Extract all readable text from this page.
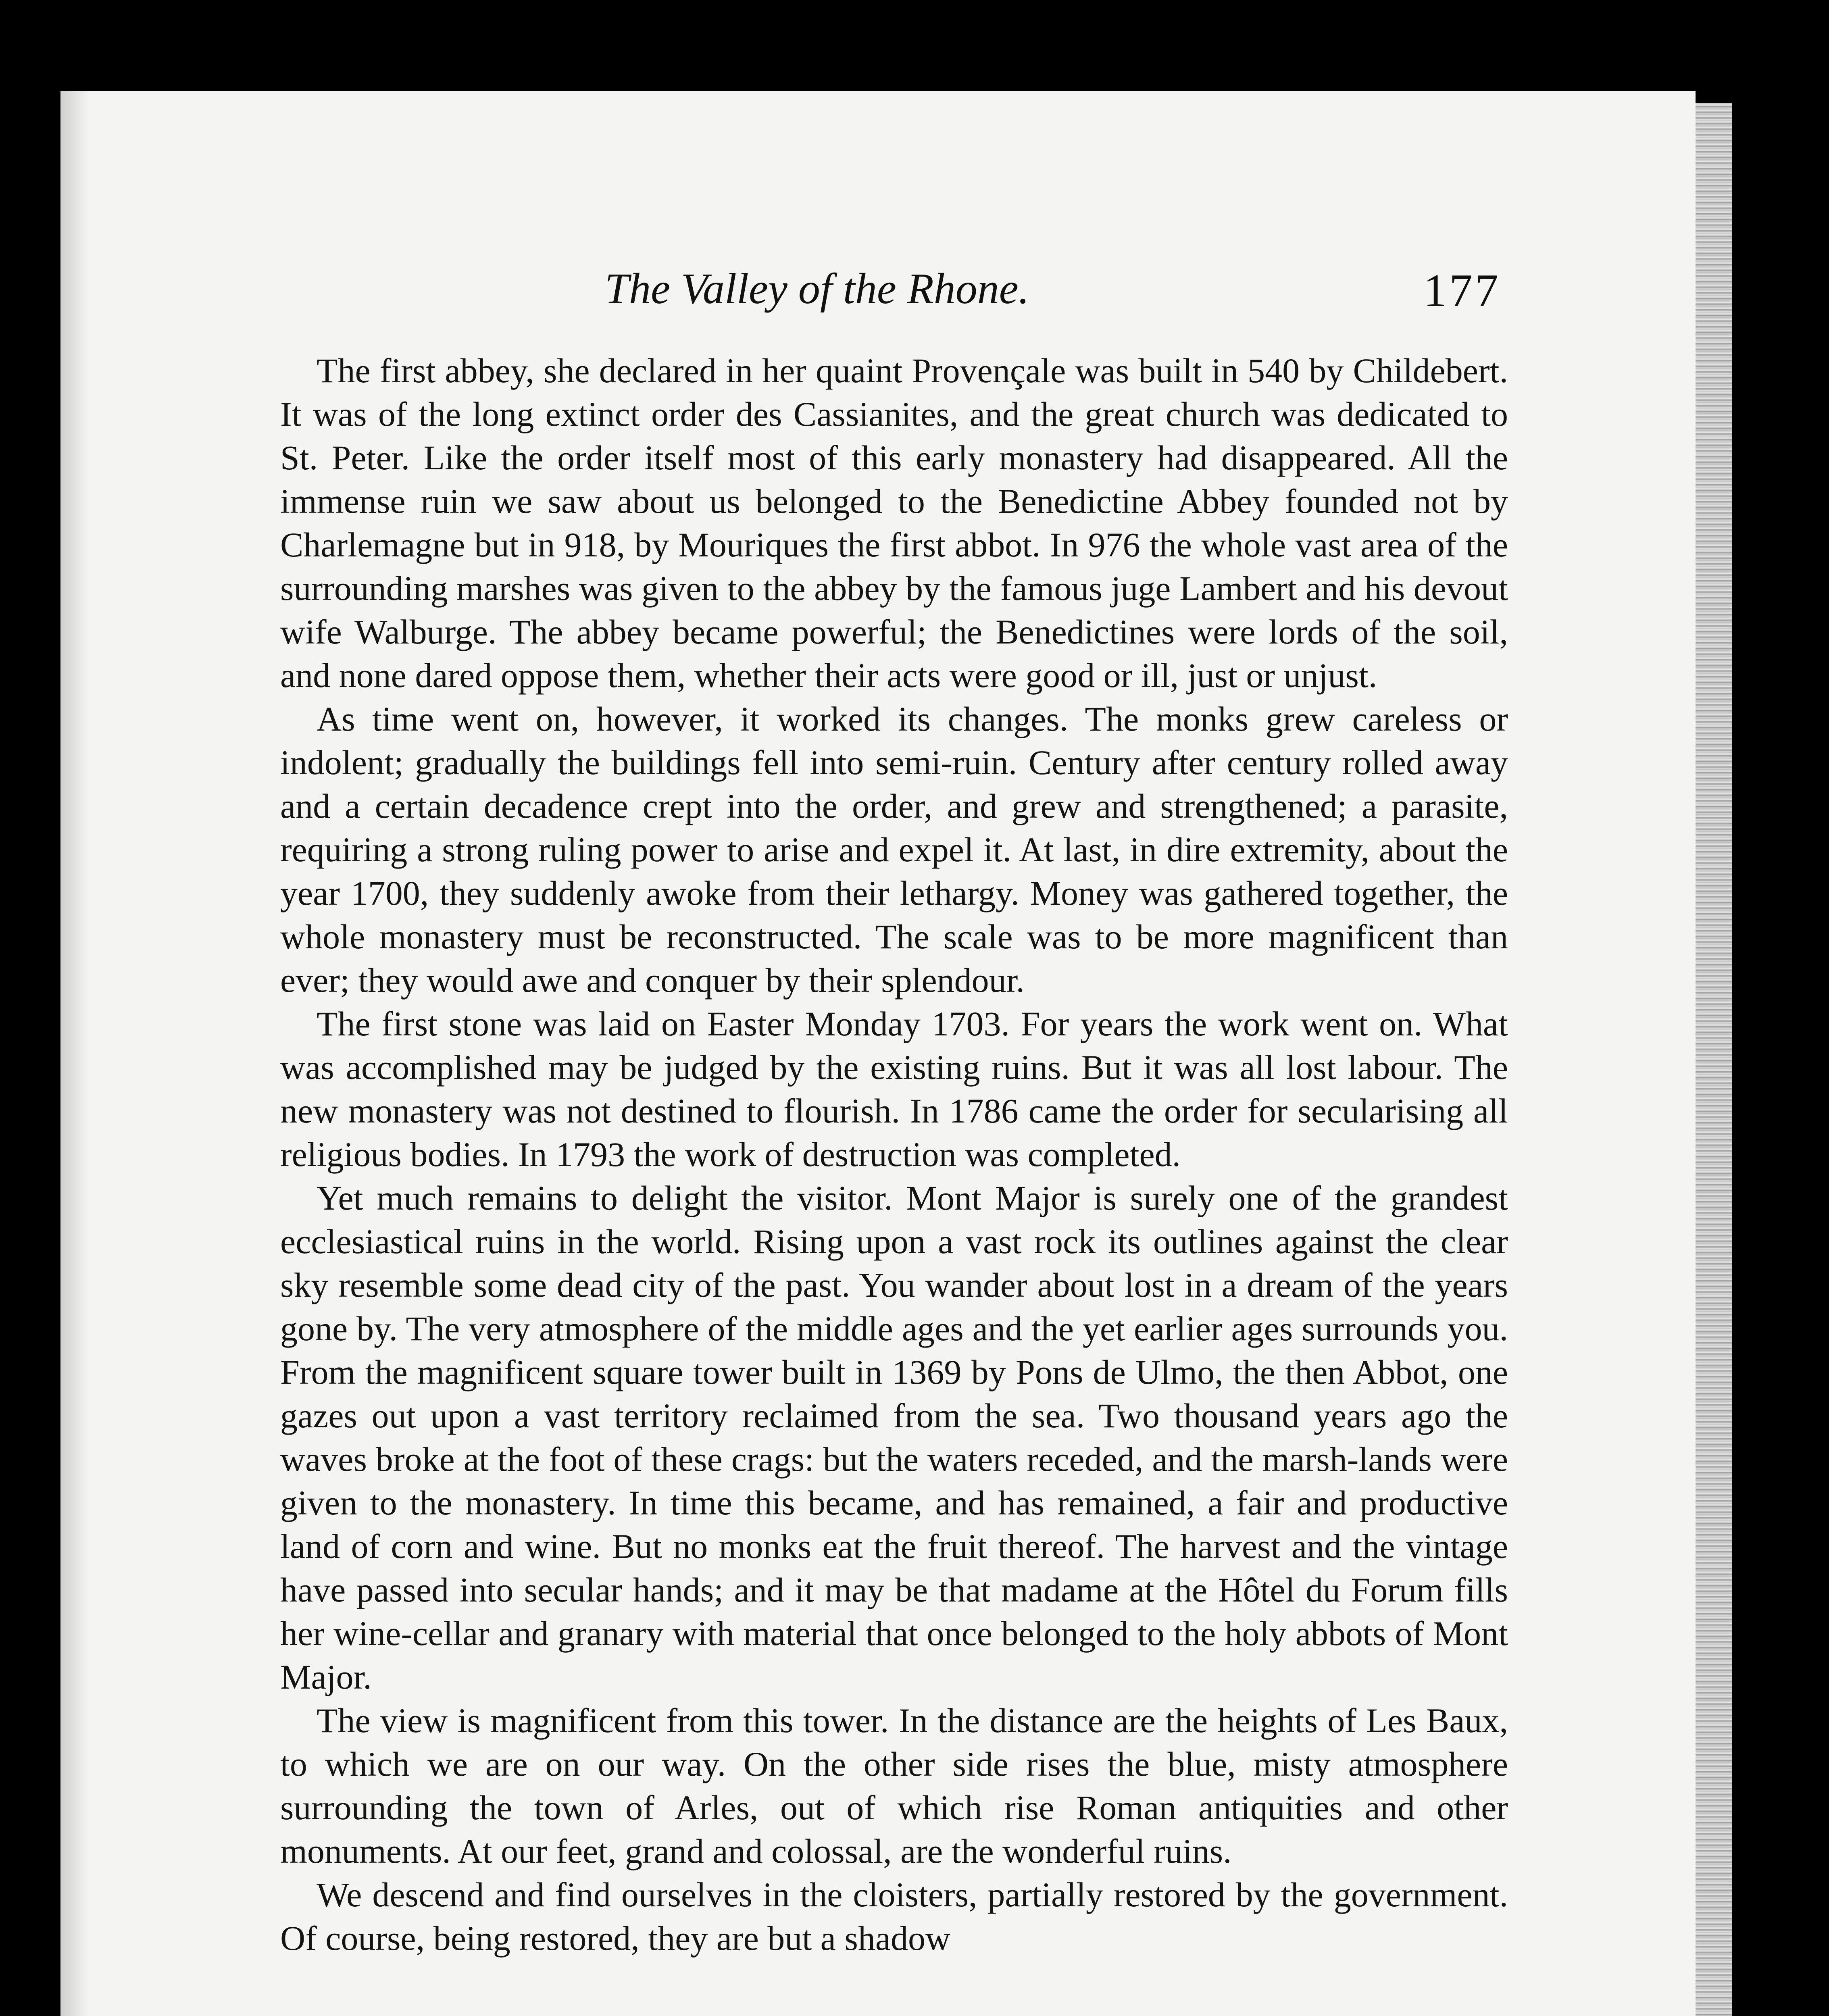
The Valley of the Rhone.	177

The first abbey, she declared in her quaint Provençale was built in 540 by Childebert. It was of the long extinct order des Cassianites, and the great church was dedicated to St. Peter. Like the order itself most of this early monastery had disappeared. All the immense ruin we saw about us belonged to the Benedictine Abbey founded not by Charlemagne but in 918, by Mouriques the first abbot. In 976 the whole vast area of the surrounding marshes was given to the abbey by the famous juge Lambert and his devout wife Walburge. The abbey became powerful; the Benedictines were lords of the soil, and none dared oppose them, whether their acts were good or ill, just or unjust.

As time went on, however, it worked its changes. The monks grew careless or indolent; gradually the buildings fell into semi-ruin. Century after century rolled away and a certain decadence crept into the order, and grew and strengthened; a parasite, requiring a strong ruling power to arise and expel it. At last, in dire extremity, about the year 1700, they suddenly awoke from their lethargy. Money was gathered together, the whole monastery must be reconstructed. The scale was to be more magnificent than ever; they would awe and conquer by their splendour.

The first stone was laid on Easter Monday 1703. For years the work went on. What was accomplished may be judged by the existing ruins. But it was all lost labour. The new monastery was not destined to flourish. In 1786 came the order for secularising all religious bodies. In 1793 the work of destruction was completed.

Yet much remains to delight the visitor. Mont Major is surely one of the grandest ecclesiastical ruins in the world. Rising upon a vast rock its outlines against the clear sky resemble some dead city of the past. You wander about lost in a dream of the years gone by. The very atmosphere of the middle ages and the yet earlier ages surrounds you. From the magnificent square tower built in 1369 by Pons de Ulmo, the then Abbot, one gazes out upon a vast territory reclaimed from the sea. Two thousand years ago the waves broke at the foot of these crags: but the waters receded, and the marsh-lands were given to the monastery. In time this became, and has remained, a fair and productive land of corn and wine. But no monks eat the fruit thereof. The harvest and the vintage have passed into secular hands; and it may be that madame at the Hôtel du Forum fills her wine-cellar and granary with material that once belonged to the holy abbots of Mont Major.

The view is magnificent from this tower. In the distance are the heights of Les Baux, to which we are on our way. On the other side rises the blue, misty atmosphere surrounding the town of Arles, out of which rise Roman antiquities and other monuments. At our feet, grand and colossal, are the wonderful ruins.

We descend and find ourselves in the cloisters, partially restored by the government. Of course, being restored, they are but a shadow
